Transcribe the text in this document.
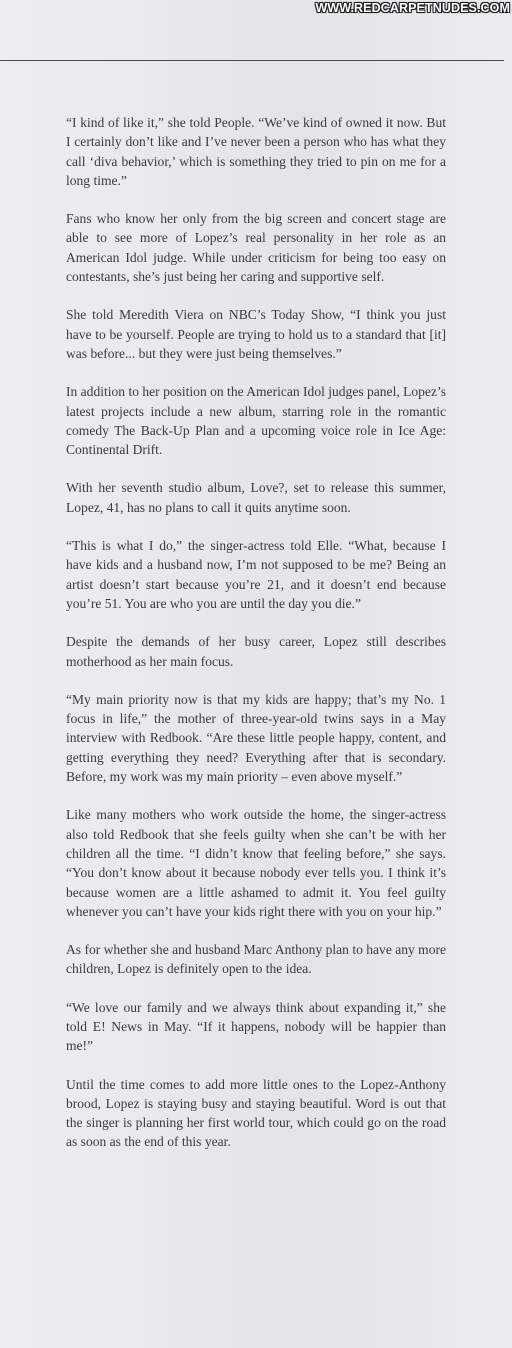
WWW.REDCARPETNUDES.COM

“I kind of like it,” she told People. “We’ve kind of owned it now. But I certainly don’t like and I’ve never been a person who has what they call ‘diva behavior,’ which is something they tried to pin on me for a long time.”

Fans who know her only from the big screen and concert stage are able to see more of Lopez’s real personality in her role as an American Idol judge. While under criticism for being too easy on contestants, she’s just being her caring and supportive self.

She told Meredith Viera on NBC’s Today Show, “I think you just have to be yourself. People are trying to hold us to a standard that [it] was before... but they were just being themselves.”

In addition to her position on the American Idol judges panel, Lopez’s latest projects include a new album, starring role in the romantic comedy The Back-Up Plan and a upcoming voice role in Ice Age: Continental Drift.

With her seventh studio album, Love?, set to release this summer, Lopez, 41, has no plans to call it quits anytime soon.

“This is what I do,” the singer-actress told Elle. “What, because I have kids and a husband now, I’m not supposed to be me? Being an artist doesn’t start because you’re 21, and it doesn’t end because you’re 51. You are who you are until the day you die.”

Despite the demands of her busy career, Lopez still describes motherhood as her main focus.

“My main priority now is that my kids are happy; that’s my No. 1 focus in life,” the mother of three-year-old twins says in a May interview with Redbook. “Are these little people happy, content, and getting everything they need? Everything after that is secondary. Before, my work was my main priority – even above myself.”

Like many mothers who work outside the home, the singer-actress also told Redbook that she feels guilty when she can’t be with her children all the time. “I didn’t know that feeling before,” she says. “You don’t know about it because nobody ever tells you. I think it’s because women are a little ashamed to admit it. You feel guilty whenever you can’t have your kids right there with you on your hip.”

As for whether she and husband Marc Anthony plan to have any more children, Lopez is definitely open to the idea.

“We love our family and we always think about expanding it,” she told E! News in May. “If it happens, nobody will be happier than me!”

Until the time comes to add more little ones to the Lopez-Anthony brood, Lopez is staying busy and staying beautiful. Word is out that the singer is planning her first world tour, which could go on the road as soon as the end of this year.
